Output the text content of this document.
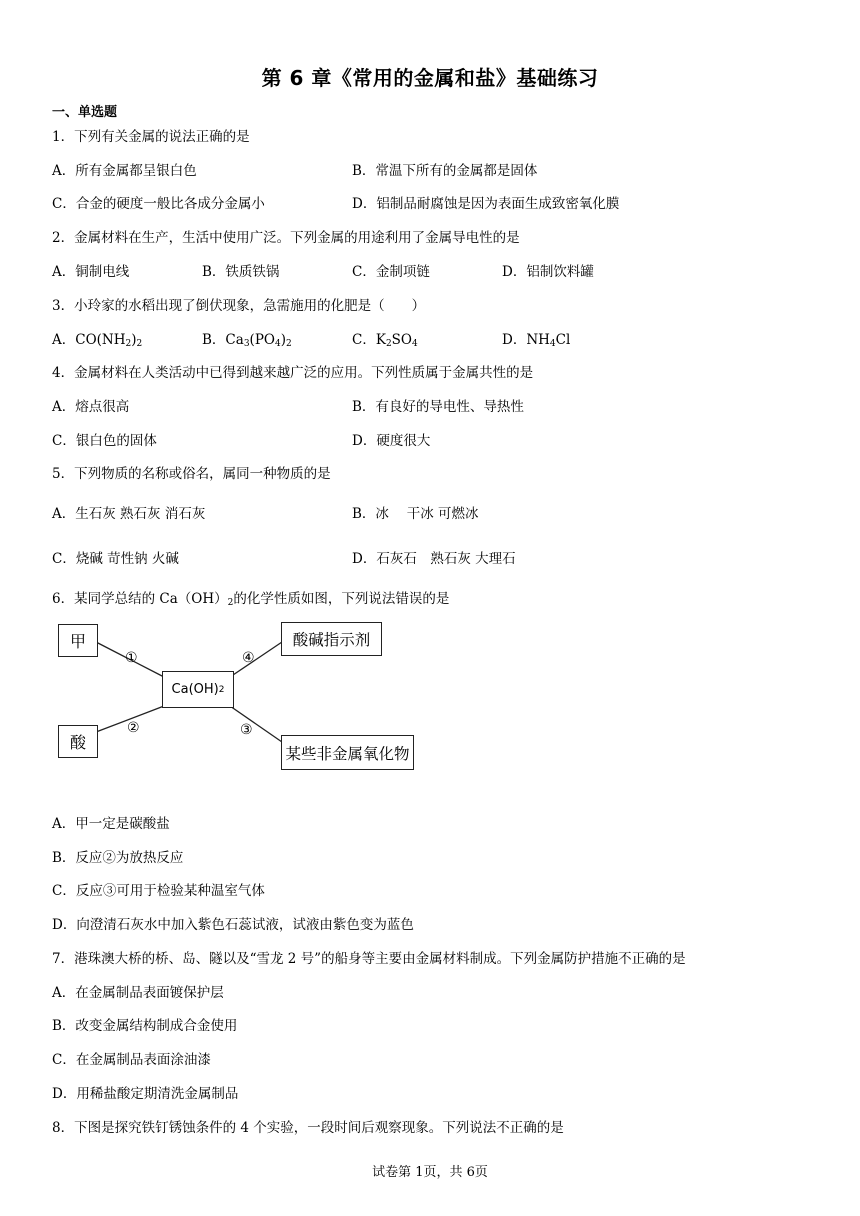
第 6 章《常用的金属和盐》基础练习
一、单选题
1．下列有关金属的说法正确的是
A．所有金属都呈银白色	B．常温下所有的金属都是固体
C．合金的硬度一般比各成分金属小	D．铝制品耐腐蚀是因为表面生成致密氧化膜
2．金属材料在生产，生活中使用广泛。下列金属的用途利用了金属导电性的是
A．铜制电线	B．铁质铁锅	C．金制项链	D．铝制饮料罐
3．小玲家的水稻出现了倒伏现象，急需施用的化肥是（　　）
A．$CO(NH_2)_2$	B．$Ca_3(PO_4)_2$	C．$K_2SO_4$	D．$NH_4Cl$
4．金属材料在人类活动中已得到越来越广泛的应用。下列性质属于金属共性的是
A．熔点很高	B．有良好的导电性、导热性
C．银白色的固体	D．硬度很大
5．下列物质的名称或俗名，属同一种物质的是
A．生石灰 熟石灰 消石灰	B．冰　 干冰 可燃冰
C．烧碱 苛性钠 火碱	D．石灰石　熟石灰 大理石
6．某同学总结的 $Ca(OH)_2$的化学性质如图，下列说法错误的是
甲
酸
Ca(OH) 2
酸碱指示剂
某些非金属氧化物
①
②
④
③
A．甲一定是碳酸盐
B．反应②为放热反应
C．反应③可用于检验某种温室气体
D．向澄清石灰水中加入紫色石蕊试液，试液由紫色变为蓝色
7．港珠澳大桥的桥、岛、隧以及“雪龙 2 号”的船身等主要由金属材料制成。下列金属防护措施不正确的是
A．在金属制品表面镀保护层
B．改变金属结构制成合金使用
C．在金属制品表面涂油漆
D．用稀盐酸定期清洗金属制品
8．下图是探究铁钉锈蚀条件的 4 个实验，一段时间后观察现象。下列说法不正确的是
试卷第 1页，共 6页
